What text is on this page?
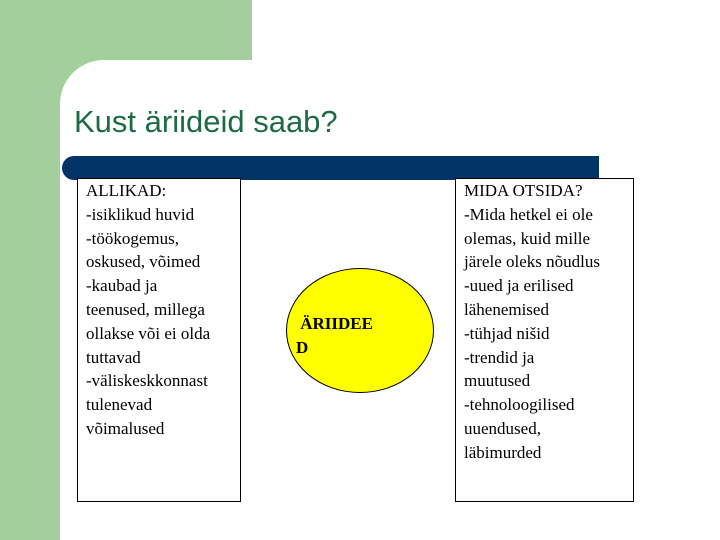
Kust äriideid saab?
ALLIKAD:
-isiklikud huvid
-töökogemus,
oskused, võimed
-kaubad ja
teenused, millega
ollakse või ei olda
tuttavad
-väliskeskkonnast
tulenevad
võimalused
ÄRIIDEE
D
MIDA OTSIDA?
-Mida hetkel ei ole
olemas, kuid mille
järele oleks nõudlus
-uued ja erilised
lähenemised
-tühjad nišid
-trendid ja
muutused
-tehnoloogilised
uuendused,
läbimurded
